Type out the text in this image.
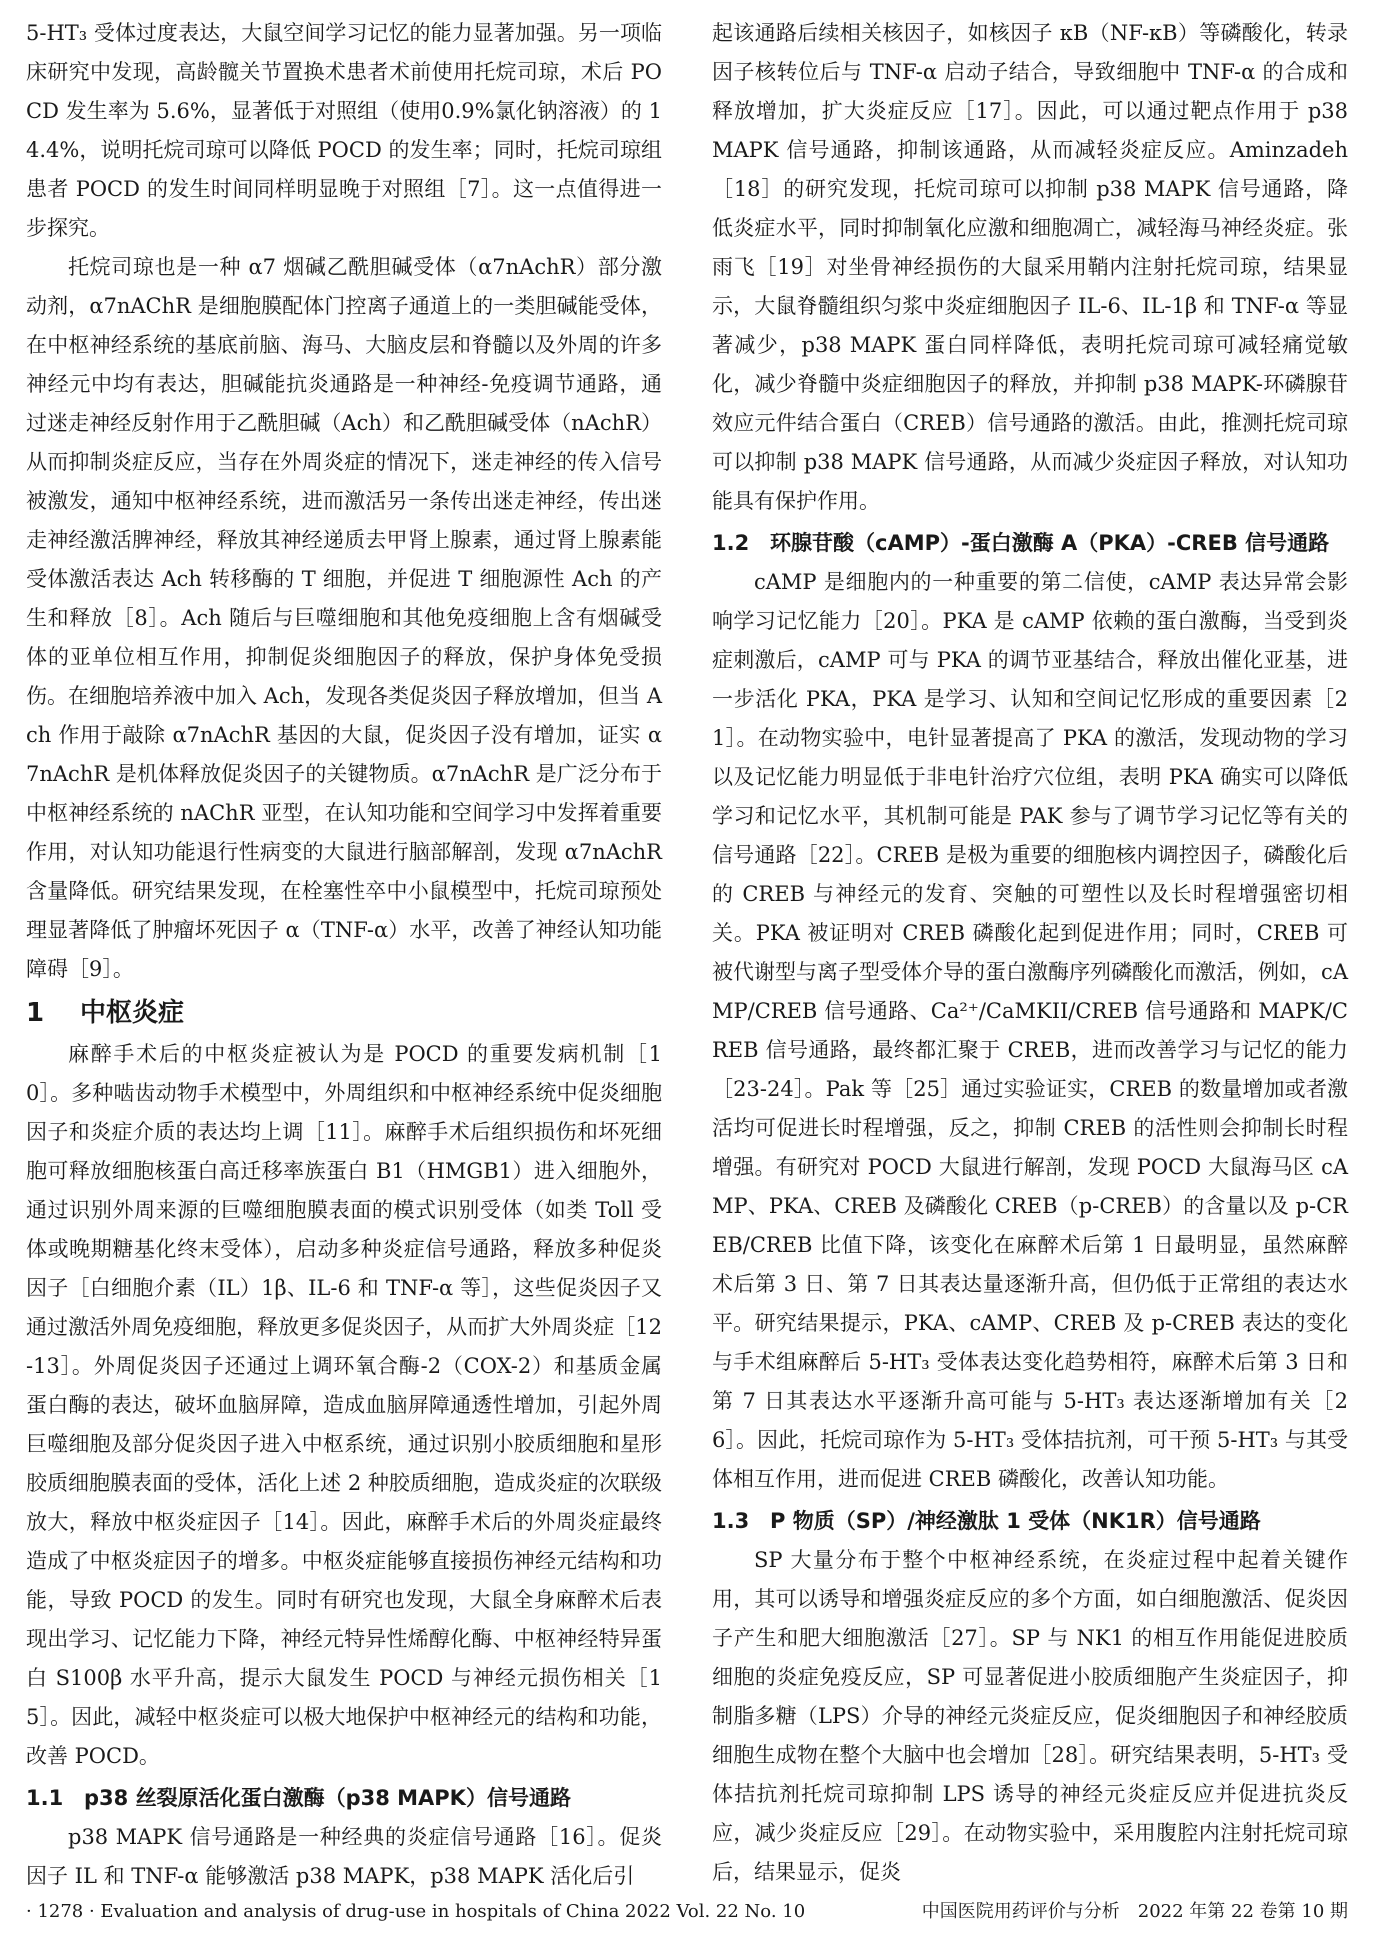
5-HT₃ 受体过度表达，大鼠空间学习记忆的能力显著加强。另一项临床研究中发现，高龄髋关节置换术患者术前使用托烷司琼，术后 POCD 发生率为 5.6%，显著低于对照组（使用0.9%氯化钠溶液）的 14.4%，说明托烷司琼可以降低 POCD 的发生率；同时，托烷司琼组患者 POCD 的发生时间同样明显晚于对照组［7］。这一点值得进一步探究。

托烷司琼也是一种 α7 烟碱乙酰胆碱受体（α7nAchR）部分激动剂，α7nAChR 是细胞膜配体门控离子通道上的一类胆碱能受体，在中枢神经系统的基底前脑、海马、大脑皮层和脊髓以及外周的许多神经元中均有表达，胆碱能抗炎通路是一种神经-免疫调节通路，通过迷走神经反射作用于乙酰胆碱（Ach）和乙酰胆碱受体（nAchR）从而抑制炎症反应，当存在外周炎症的情况下，迷走神经的传入信号被激发，通知中枢神经系统，进而激活另一条传出迷走神经，传出迷走神经激活脾神经，释放其神经递质去甲肾上腺素，通过肾上腺素能受体激活表达 Ach 转移酶的 T 细胞，并促进 T 细胞源性 Ach 的产生和释放［8］。Ach 随后与巨噬细胞和其他免疫细胞上含有烟碱受体的亚单位相互作用，抑制促炎细胞因子的释放，保护身体免受损伤。在细胞培养液中加入 Ach，发现各类促炎因子释放增加，但当 Ach 作用于敲除 α7nAchR 基因的大鼠，促炎因子没有增加，证实 α7nAchR 是机体释放促炎因子的关键物质。α7nAchR 是广泛分布于中枢神经系统的 nAChR 亚型，在认知功能和空间学习中发挥着重要作用，对认知功能退行性病变的大鼠进行脑部解剖，发现 α7nAchR 含量降低。研究结果发现，在栓塞性卒中小鼠模型中，托烷司琼预处理显著降低了肿瘤坏死因子 α（TNF-α）水平，改善了神经认知功能障碍［9］。

1 中枢炎症

麻醉手术后的中枢炎症被认为是 POCD 的重要发病机制［10］。多种啮齿动物手术模型中，外周组织和中枢神经系统中促炎细胞因子和炎症介质的表达均上调［11］。麻醉手术后组织损伤和坏死细胞可释放细胞核蛋白高迁移率族蛋白 B1（HMGB1）进入细胞外，通过识别外周来源的巨噬细胞膜表面的模式识别受体（如类 Toll 受体或晚期糖基化终末受体），启动多种炎症信号通路，释放多种促炎因子［白细胞介素（IL）1β、IL-6 和 TNF-α 等］，这些促炎因子又通过激活外周免疫细胞，释放更多促炎因子，从而扩大外周炎症［12-13］。外周促炎因子还通过上调环氧合酶-2（COX-2）和基质金属蛋白酶的表达，破坏血脑屏障，造成血脑屏障通透性增加，引起外周巨噬细胞及部分促炎因子进入中枢系统，通过识别小胶质细胞和星形胶质细胞膜表面的受体，活化上述 2 种胶质细胞，造成炎症的次联级放大，释放中枢炎症因子［14］。因此，麻醉手术后的外周炎症最终造成了中枢炎症因子的增多。中枢炎症能够直接损伤神经元结构和功能，导致 POCD 的发生。同时有研究也发现，大鼠全身麻醉术后表现出学习、记忆能力下降，神经元特异性烯醇化酶、中枢神经特异蛋白 S100β 水平升高，提示大鼠发生 POCD 与神经元损伤相关［15］。因此，减轻中枢炎症可以极大地保护中枢神经元的结构和功能，改善 POCD。

1.1 p38 丝裂原活化蛋白激酶（p38 MAPK）信号通路

p38 MAPK 信号通路是一种经典的炎症信号通路［16］。促炎因子 IL 和 TNF-α 能够激活 p38 MAPK，p38 MAPK 活化后引

起该通路后续相关核因子，如核因子 κB（NF-κB）等磷酸化，转录因子核转位后与 TNF-α 启动子结合，导致细胞中 TNF-α 的合成和释放增加，扩大炎症反应［17］。因此，可以通过靶点作用于 p38 MAPK 信号通路，抑制该通路，从而减轻炎症反应。Aminzadeh［18］的研究发现，托烷司琼可以抑制 p38 MAPK 信号通路，降低炎症水平，同时抑制氧化应激和细胞凋亡，减轻海马神经炎症。张雨飞［19］对坐骨神经损伤的大鼠采用鞘内注射托烷司琼，结果显示，大鼠脊髓组织匀浆中炎症细胞因子 IL-6、IL-1β 和 TNF-α 等显著减少，p38 MAPK 蛋白同样降低，表明托烷司琼可减轻痛觉敏化，减少脊髓中炎症细胞因子的释放，并抑制 p38 MAPK-环磷腺苷效应元件结合蛋白（CREB）信号通路的激活。由此，推测托烷司琼可以抑制 p38 MAPK 信号通路，从而减少炎症因子释放，对认知功能具有保护作用。

1.2 环腺苷酸（cAMP）-蛋白激酶 A（PKA）-CREB 信号通路

cAMP 是细胞内的一种重要的第二信使，cAMP 表达异常会影响学习记忆能力［20］。PKA 是 cAMP 依赖的蛋白激酶，当受到炎症刺激后，cAMP 可与 PKA 的调节亚基结合，释放出催化亚基，进一步活化 PKA，PKA 是学习、认知和空间记忆形成的重要因素［21］。在动物实验中，电针显著提高了 PKA 的激活，发现动物的学习以及记忆能力明显低于非电针治疗穴位组，表明 PKA 确实可以降低学习和记忆水平，其机制可能是 PAK 参与了调节学习记忆等有关的信号通路［22］。CREB 是极为重要的细胞核内调控因子，磷酸化后的 CREB 与神经元的发育、突触的可塑性以及长时程增强密切相关。PKA 被证明对 CREB 磷酸化起到促进作用；同时，CREB 可被代谢型与离子型受体介导的蛋白激酶序列磷酸化而激活，例如，cAMP/CREB 信号通路、Ca²⁺/CaMKII/CREB 信号通路和 MAPK/CREB 信号通路，最终都汇聚于 CREB，进而改善学习与记忆的能力［23-24］。Pak 等［25］通过实验证实，CREB 的数量增加或者激活均可促进长时程增强，反之，抑制 CREB 的活性则会抑制长时程增强。有研究对 POCD 大鼠进行解剖，发现 POCD 大鼠海马区 cAMP、PKA、CREB 及磷酸化 CREB（p-CREB）的含量以及 p-CREB/CREB 比值下降，该变化在麻醉术后第 1 日最明显，虽然麻醉术后第 3 日、第 7 日其表达量逐渐升高，但仍低于正常组的表达水平。研究结果提示，PKA、cAMP、CREB 及 p-CREB 表达的变化与手术组麻醉后 5-HT₃ 受体表达变化趋势相符，麻醉术后第 3 日和第 7 日其表达水平逐渐升高可能与 5-HT₃ 表达逐渐增加有关［26］。因此，托烷司琼作为 5-HT₃ 受体拮抗剂，可干预 5-HT₃ 与其受体相互作用，进而促进 CREB 磷酸化，改善认知功能。

1.3 P 物质（SP）/神经激肽 1 受体（NK1R）信号通路

SP 大量分布于整个中枢神经系统，在炎症过程中起着关键作用，其可以诱导和增强炎症反应的多个方面，如白细胞激活、促炎因子产生和肥大细胞激活［27］。SP 与 NK1 的相互作用能促进胶质细胞的炎症免疫反应，SP 可显著促进小胶质细胞产生炎症因子，抑制脂多糖（LPS）介导的神经元炎症反应，促炎细胞因子和神经胶质细胞生成物在整个大脑中也会增加［28］。研究结果表明，5-HT₃ 受体拮抗剂托烷司琼抑制 LPS 诱导的神经元炎症反应并促进抗炎反应，减少炎症反应［29］。在动物实验中，采用腹腔内注射托烷司琼后，结果显示，促炎

· 1278 · Evaluation and analysis of drug-use in hospitals of China 2022 Vol. 22 No. 10	中国医院用药评价与分析　2022 年第 22 卷第 10 期
